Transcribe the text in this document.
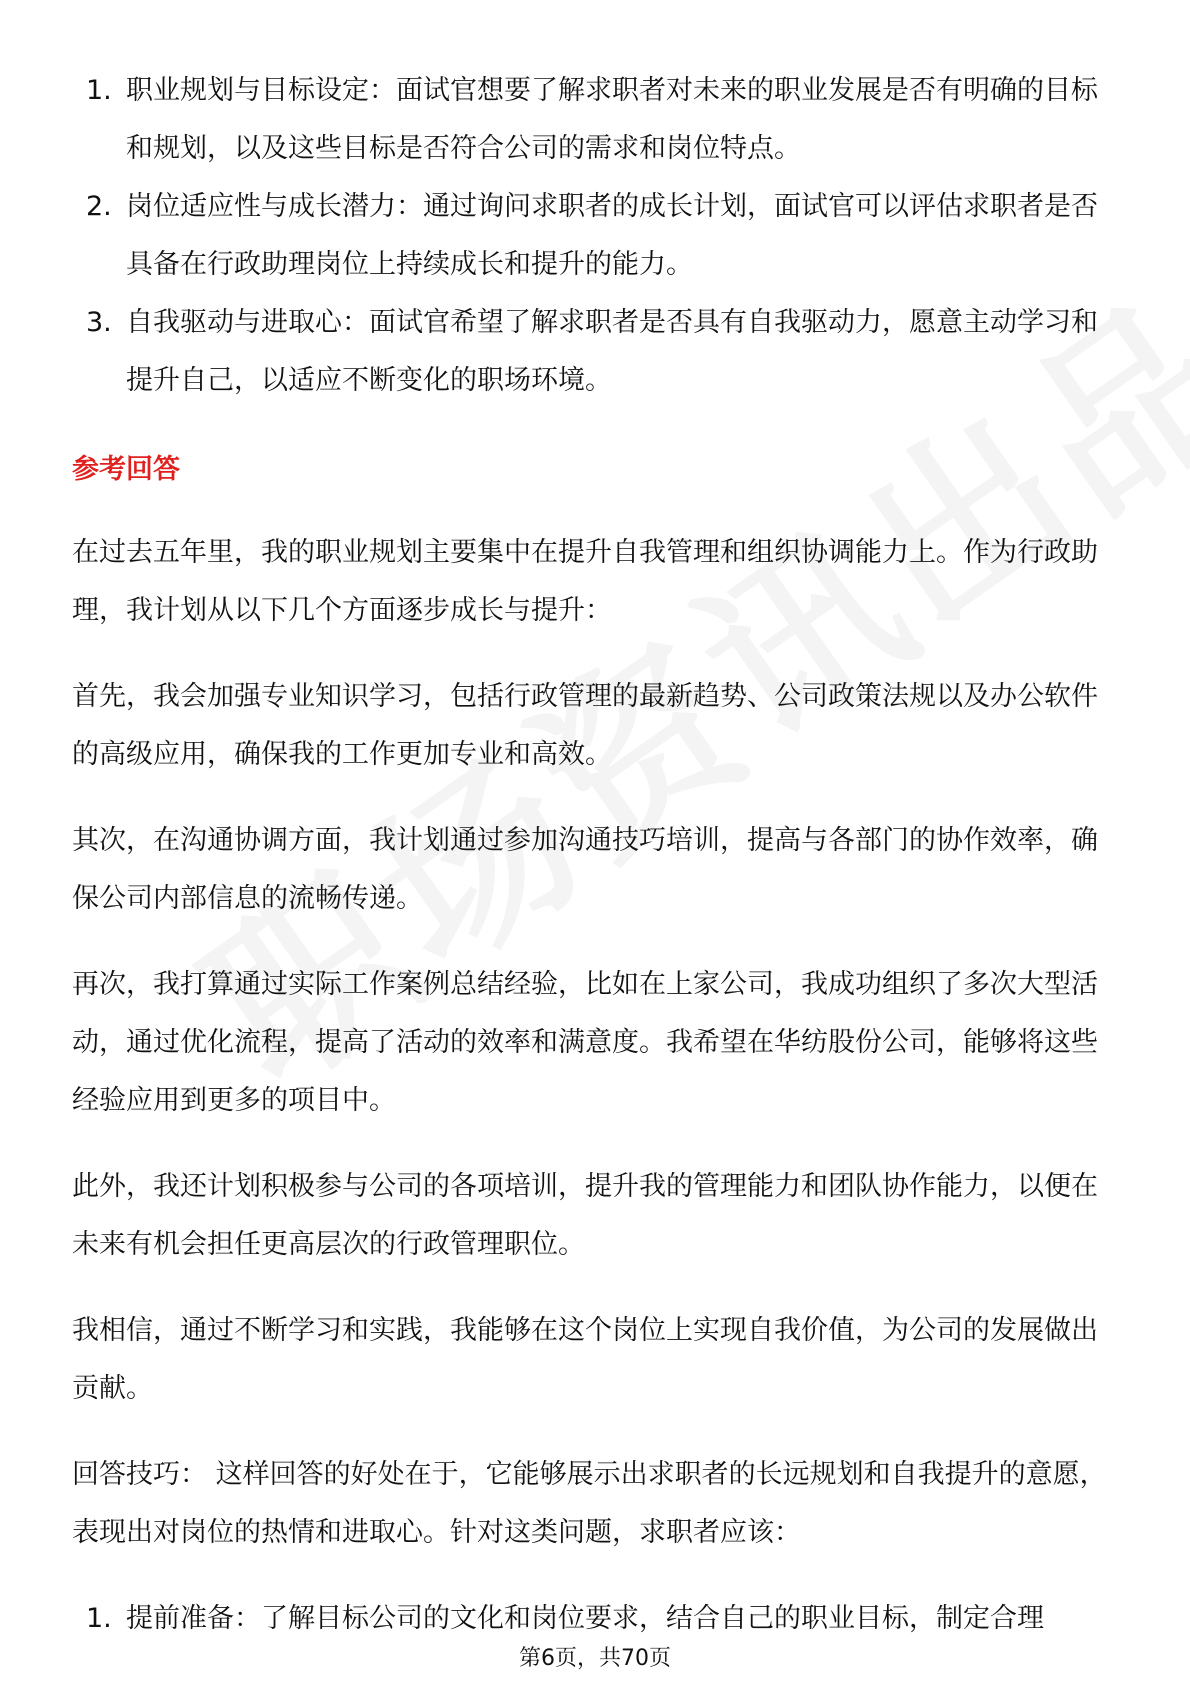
1. 职业规划与目标设定：面试官想要了解求职者对未来的职业发展是否有明确的目标和规划，以及这些目标是否符合公司的需求和岗位特点。
2. 岗位适应性与成长潜力：通过询问求职者的成长计划，面试官可以评估求职者是否具备在行政助理岗位上持续成长和提升的能力。
3. 自我驱动与进取心：面试官希望了解求职者是否具有自我驱动力，愿意主动学习和提升自己，以适应不断变化的职场环境。
参考回答

在过去五年里，我的职业规划主要集中在提升自我管理和组织协调能力上。作为行政助理，我计划从以下几个方面逐步成长与提升：

首先，我会加强专业知识学习，包括行政管理的最新趋势、公司政策法规以及办公软件的高级应用，确保我的工作更加专业和高效。

其次，在沟通协调方面，我计划通过参加沟通技巧培训，提高与各部门的协作效率，确保公司内部信息的流畅传递。

再次，我打算通过实际工作案例总结经验，比如在上家公司，我成功组织了多次大型活动，通过优化流程，提高了活动的效率和满意度。我希望在华纺股份公司，能够将这些经验应用到更多的项目中。

此外，我还计划积极参与公司的各项培训，提升我的管理能力和团队协作能力，以便在未来有机会担任更高层次的行政管理职位。

我相信，通过不断学习和实践，我能够在这个岗位上实现自我价值，为公司的发展做出贡献。

回答技巧： 这样回答的好处在于，它能够展示出求职者的长远规划和自我提升的意愿，表现出对岗位的热情和进取心。针对这类问题，求职者应该：

1. 提前准备：了解目标公司的文化和岗位要求，结合自己的职业目标，制定合理
第6页，共70页
